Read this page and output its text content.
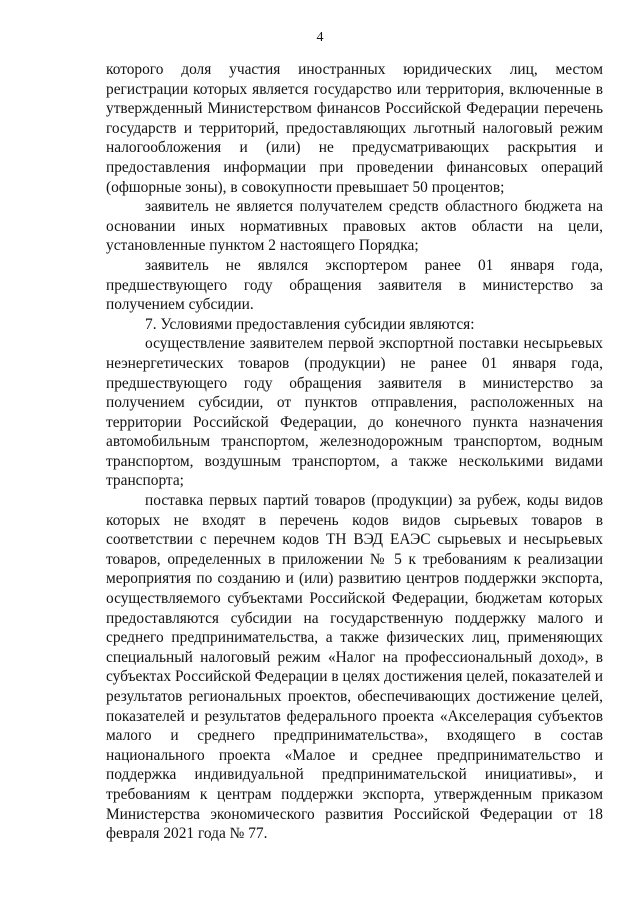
4

которого доля участия иностранных юридических лиц, местом регистрации которых является государство или территория, включенные в утвержденный Министерством финансов Российской Федерации перечень государств и территорий, предоставляющих льготный налоговый режим налогообложения и (или) не предусматривающих раскрытия и предоставления информации при проведении финансовых операций (офшорные зоны), в совокупности превышает 50 процентов;

заявитель не является получателем средств областного бюджета на основании иных нормативных правовых актов области на цели, установленные пунктом 2 настоящего Порядка;

заявитель не являлся экспортером ранее 01 января года, предшествующего году обращения заявителя в министерство за получением субсидии.

7. Условиями предоставления субсидии являются:

осуществление заявителем первой экспортной поставки несырьевых неэнергетических товаров (продукции) не ранее 01 января года, предшествующего году обращения заявителя в министерство за получением субсидии, от пунктов отправления, расположенных на территории Российской Федерации, до конечного пункта назначения автомобильным транспортом, железнодорожным транспортом, водным транспортом, воздушным транспортом, а также несколькими видами транспорта;

поставка первых партий товаров (продукции) за рубеж, коды видов которых не входят в перечень кодов видов сырьевых товаров в соответствии с перечнем кодов ТН ВЭД ЕАЭС сырьевых и несырьевых товаров, определенных в приложении № 5 к требованиям к реализации мероприятия по созданию и (или) развитию центров поддержки экспорта, осуществляемого субъектами Российской Федерации, бюджетам которых предоставляются субсидии на государственную поддержку малого и среднего предпринимательства, а также физических лиц, применяющих специальный налоговый режим «Налог на профессиональный доход», в субъектах Российской Федерации в целях достижения целей, показателей и результатов региональных проектов, обеспечивающих достижение целей, показателей и результатов федерального проекта «Акселерация субъектов малого и среднего предпринимательства», входящего в состав национального проекта «Малое и среднее предпринимательство и поддержка индивидуальной предпринимательской инициативы», и требованиям к центрам поддержки экспорта, утвержденным приказом Министерства экономического развития Российской Федерации от 18 февраля 2021 года № 77.
